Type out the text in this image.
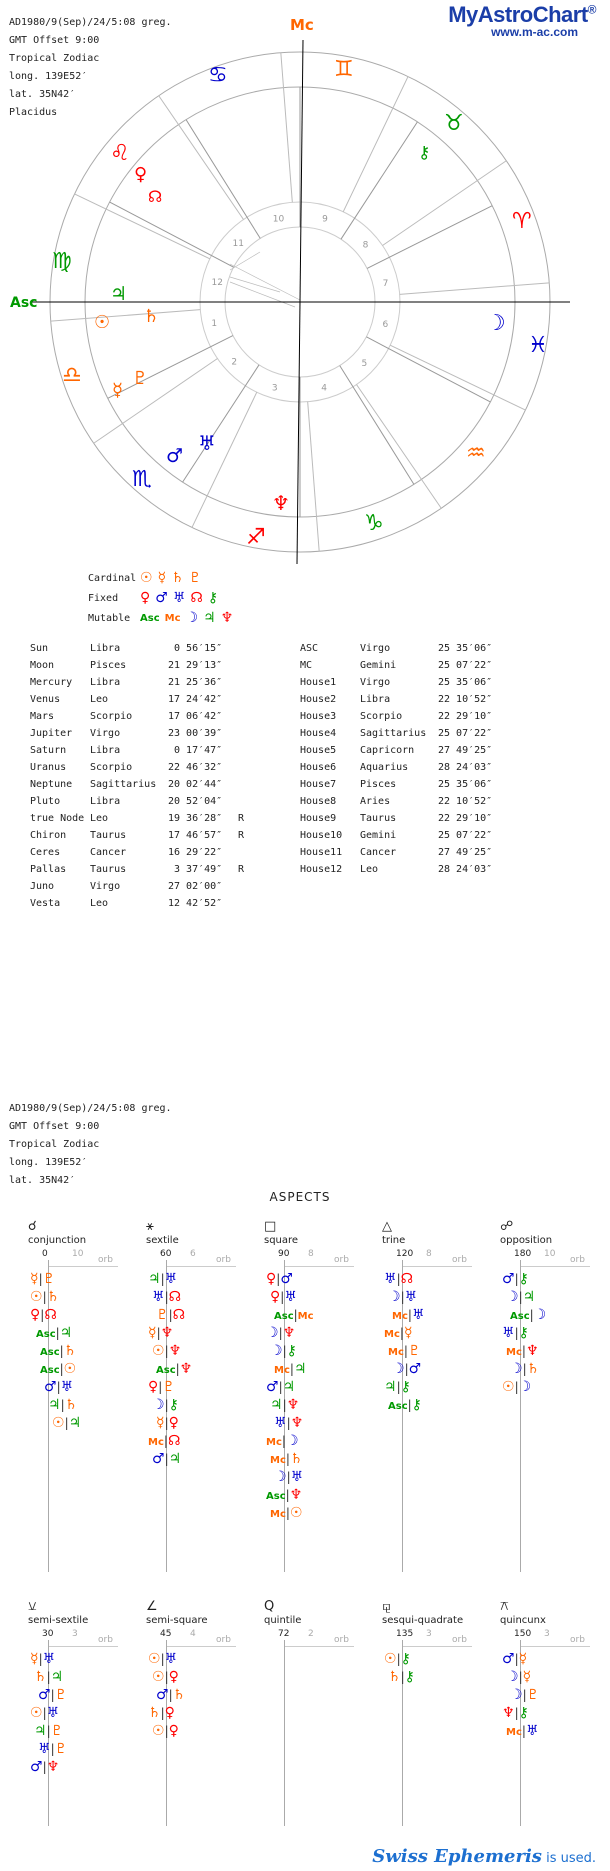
AD1980/9(Sep)/24/5:08 greg.
GMT Offset 9:00
Tropical Zodiac
long. 139E52′
lat. 35N42′
Placidus
MyAstroChart®
www.m-ac.com
Mc
Asc
1
2
3	4
5
6
7
8
9
10
11
12
♋	♊
♉
♈
♓
♒
♑
♐
♏
♎
♍
♌	⚷
♀
☊
♃
☉ ♄
♇
☿
☽
♂
♅
♆
Cardinal ☉ ☿ ♄ ♇
Fixed	♀ ♂ ♅ ☊ ⚷
Mutable Asc Mc ☽ ♃ ♆
Sun	Libra	0 56′15″	
Moon	Pisces	21 29′13″	
Mercury	Libra	21 25′36″	
Venus	Leo	17 24′42″	
Mars	Scorpio	17 06′42″	
Jupiter	Virgo	23 00′39″	
Saturn	Libra	0 17′47″	
Uranus	Scorpio	22 46′32″	
Neptune	Sagittarius	20 02′44″	
Pluto	Libra	20 52′04″	
true Node	Leo	19 36′28″	R
Chiron	Taurus	17 46′57″	R
Ceres	Cancer	16 29′22″	
Pallas	Taurus	3 37′49″	R
Juno	Virgo	27 02′00″	
Vesta	Leo	12 42′52″	
ASC	Virgo	25 35′06″
MC	Gemini	25 07′22″
House1	Virgo	25 35′06″
House2	Libra	22 10′52″
House3	Scorpio	22 29′10″
House4	Sagittarius	25 07′22″
House5	Capricorn	27 49′25″
House6	Aquarius	28 24′03″
House7	Pisces	25 35′06″
House8	Aries	22 10′52″
House9	Taurus	22 29′10″
House10	Gemini	25 07′22″
House11	Cancer	27 49′25″
House12	Leo	28 24′03″
AD1980/9(Sep)/24/5:08 greg.
GMT Offset 9:00
Tropical Zodiac
long. 139E52′
lat. 35N42′
ASPECTS
☌
conjunction
0	10
orb
☿|♇
☉|♄
♀|☊
Asc|♃
Asc|♄
Asc|☉
♂|♅
♃|♄
☉|♃
⚹
sextile
60 6
orb
♃|♅
♅|☊
♇|☊
☿|♆
☉|♆
Asc|♆
♀|♇
☽|⚷
☿|♀
Mc|☊
♂|♃
□
square
90 8
orb
♀|♂
♀|♅
Asc|Mc
☽|♆
☽|⚷
Mc|♃
♂|♃
♃|♆
♅|♆
Mc|☽
Mc|♄
☽|♅
Asc|♆
Mc|☉
△
trine
120 8
orb
♅|☊
☽|♅
Mc|♅
Mc|☿
Mc|♇
☽|♂
♃|⚷
Asc|⚷
☍
opposition
180 10
orb
♂|⚷
☽|♃
Asc|☽
♅|⚷
Mc|♆
☽|♄
☉|☽
⚺
semi-sextile
30 3
orb
☿|♅
♄|♃
♂|♇
☉|♅
♃|♇
♅|♇
♂|♆
∠
semi-square
45 4
orb
☉|♅
☉|♀
♂|♄
♄|♀
☉|♀
Q
quintile
72 2
orb
⚼
sesqui-quadrate
135 3
orb
☉|⚷
♄|⚷
⚻
quincunx
150 3
orb
♂|☿
☽|☿
☽|♇
♆|⚷
Mc|♅
Swiss Ephemeris is used.
